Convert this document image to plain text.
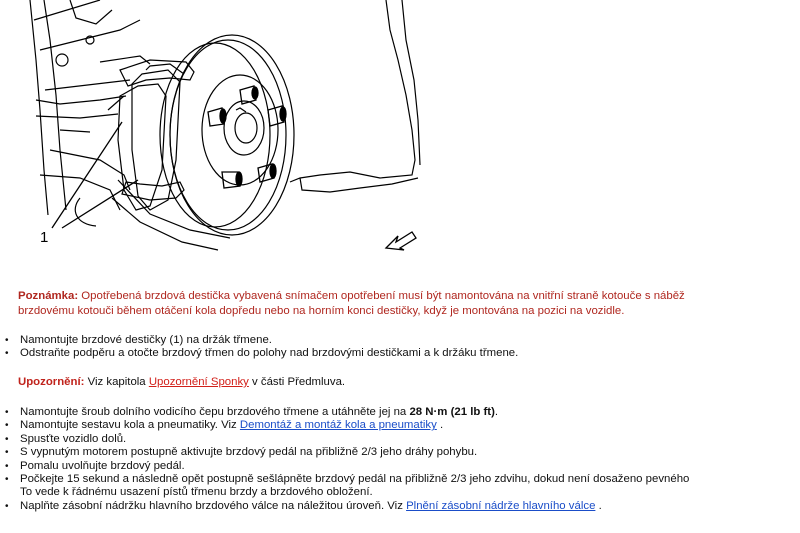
1
Poznámka: Opotřebená brzdová destička vybavená snímačem opotřebení musí být namontována na vnitřní straně kotouče s náběž
brzdovému kotouči během otáčení kola dopředu nebo na horním konci destičky, když je montována na pozici na vozidle.
• Namontujte brzdové destičky (1) na držák třmene.
• Odstraňte podpěru a otočte brzdový třmen do polohy nad brzdovými destičkami a k držáku třmene.
Upozornění: Viz kapitola Upozornění Sponky v části Předmluva.
• Namontujte šroub dolního vodicího čepu brzdového třmene a utáhněte jej na 28 N·m (21 lb ft).
• Namontujte sestavu kola a pneumatiky. Viz Demontáž a montáž kola a pneumatiky .
• Spusťte vozidlo dolů.
• S vypnutým motorem postupně aktivujte brzdový pedál na přibližně 2/3 jeho dráhy pohybu.
• Pomalu uvolňujte brzdový pedál.
• Počkejte 15 sekund a následně opět postupně sešlápněte brzdový pedál na přibližně 2/3 jeho zdvihu, dokud není dosaženo pevného
To vede k řádnému usazení pístů třmenu brzdy a brzdového obložení.
• Naplňte zásobní nádržku hlavního brzdového válce na náležitou úroveň. Viz Plnění zásobní nádrže hlavního válce .
